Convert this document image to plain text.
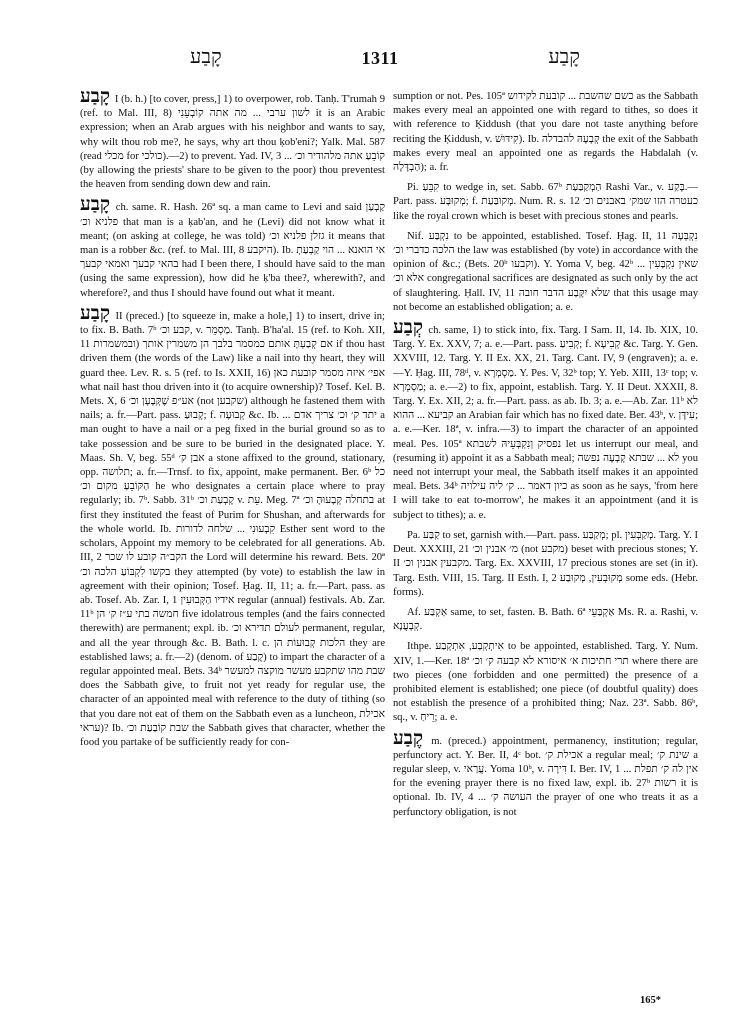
קָבַע	1311	קָבַע

קָבַע I (b. h.) [to cover, press,] 1) to overpower, rob. Tanḥ. T'rumah 9 (ref. to Mal. III, 8) לשון ערבי ... מה אתה קוֹבְעֵנִי it is an Arabic expression; when an Arab argues with his neighbor and wants to say, why wilt thou rob me?, he says, why art thou ḳob'eni?; Yalk. Mal. 587 (read מכלי for כולכי).—2) to prevent. Yad. IV, 3 ... קוֹבֵעַ אתה מלהודיר וכ׳ (by allowing the priests' share to be given to the poor) thou preventest the heaven from sending down dew and rain.

קָבַע ch. same. R. Hash. 26ª sq. a man came to Levi and said קַבְעַן פלניא וכ׳ that man is a ḳab'an, and he (Levi) did not know what it meant; (on asking at college, he was told) גזלן פלניא וכ׳ it means that man is a robber &c. (ref. to Mal. III, 8 היקבע). Ib. אי הואנא ... הוי קַבְעַתְ בהאי קבעך ואמאי קבעך had I been there, I should have said to the man (using the same expression), how did he ḳ'ba thee?, wherewith?, and wherefore?, and thus I should have found out what it meant.

קָבַע II (preced.) [to squeeze in, make a hole,] 1) to insert, drive in; to fix. B. Bath. 7ᵇ קבע וכ׳, v. מַסְמֵר. Tanḥ. B'ha'al. 15 (ref. to Koh. XII, 11 ובמשמרות) אם קְבַעְתָּ אותם כמסמר בלבך הן משמרין אותך if thou hast driven them (the words of the Law) like a nail into thy heart, they will guard thee. Lev. R. s. 5 (ref. to Is. XXII, 16) אפי׳ איזה מסמר קובעת כאן what nail hast thou driven into it (to acquire ownership)? Tosef. Kel. B. Mets. X, 6 אע״פ שֶׁקְּבָעָן וכ׳ (not שקבען) although he fastened them with nails; a. fr.—Part. pass. קָבוּעַ; f. קְבוּעָה &c. Ib. ... יתד ק׳ וכ׳ צריך אדם a man ought to have a nail or a peg fixed in the burial ground so as to take possession and be sure to be buried in the designated place. Y. Maas. Sh. V, beg. 55ᵈ אבן ק׳ a stone affixed to the ground, stationary, opp. תלושה; a. fr.—Trnsf. to fix, appoint, make permanent. Ber. 6ᵇ כל הַקּוֹבֵעַ מקום וכ׳ he who designates a certain place where to pray regularly; ib. 7ᵇ. Sabb. 31ᵇ קָבְעַת וכ׳ v. עֵת. Meg. 7ª בתחלה קְבָעוּהָ וכ׳ at first they instituted the feast of Purim for Shushan, and afterwards for the whole world. Ib. קִבְעוּנִי ... שלחה לדורות Esther sent word to the scholars, Appoint my memory to be celebrated for all generations. Ab. III, 2 הקב״ה קובע לו שכר the Lord will determine his reward. Bets. 20ª בקשו לִקְבּוֹעַ הלכה וכ׳ they attempted (by vote) to establish the law in agreement with their opinion; Tosef. Ḥag. II, 11; a. fr.—Part. pass. as ab. Tosef. Ab. Zar. I, 1 אידיו הַקְּבוּעִין regular (annual) festivals. Ab. Zar. 11ᵇ חמשה בתי ע״ז ק׳ הן five idolatrous temples (and the fairs connected therewith) are permanent; expl. ib. לעולם תדירא וכ׳ permanent, regular, and all the year through &c. B. Bath. l. c. הלכות קְבוּעוֹת הן they are established laws; a. fr.—2) (denom. of קֶבַע) to impart the character of a regular appointed meal. Bets. 34ᵇ שבת מהו שתקבע מעשר מוקצה למעשר does the Sabbath give, to fruit not yet ready for regular use, the character of an appointed meal with reference to the duty of tithing (so that you dare not eat of them on the Sabbath even as a luncheon, אכילת עראי)? Ib. שבת קוֹבַעַת וכ׳ the Sabbath gives that character, whether the food you partake of be sufficiently ready for con-

sumption or not. Pes. 105ª כשם שהשבת ... קובעת לקידוש as the Sabbath makes every meal an appointed one with regard to tithes, so does it with reference to Ḳiddush (that you dare not taste anything before reciting the Ḳiddush, v. קִידּוּשׁ). Ib. קְבָעָהּ להבדלה the exit of the Sabbath makes every meal an appointed one as regards the Habdalah (v. הַבְדָּלָה); a. fr.

Pi. קִבֵּעַ to wedge in, set. Sabb. 67ᵇ הַמְקַבַּעַת Rashi Var., v. בָּקַע.—Part. pass. מְקוּבָּע; f. מְקוּבַּעַת. Num. R. s. 12 כעטרה הזו שמק׳ באבנים וכ׳ like the royal crown which is beset with precious stones and pearls.

Nif. נִקְבַּע to be appointed, established. Tosef. Ḥag. II, 11 נִקְבְּעָה הלכה כדברי וכ׳ the law was established (by vote) in accordance with the opinion of &c.; (Bets. 20ᵇ וקבעו). Y. Yoma V, beg. 42ᵇ ... שאין נִקְבָּעִין אלא וכ׳ congregational sacrifices are designated as such only by the act of slaughtering. Ḥall. IV, 11 שלא יִקָּבַע הדבר חובה that this usage may not become an established obligation; a. e.

קְבַע ch. same, 1) to stick into, fix. Targ. I Sam. II, 14. Ib. XIX, 10. Targ. Y. Ex. XXV, 7; a. e.—Part. pass. קְבִיעַ; f. קְבִיעָא &c. Targ. Y. Gen. XXVIII, 12. Targ. Y. II Ex. XX, 21. Targ. Cant. IV, 9 (engraven); a. e.—Y. Ḥag. III, 78ᵈ, v. מַסְמְרָא. Y. Pes. V, 32ᵇ top; Y. Yeb. XIII, 13ᶜ top; v. מַסְמְרָא; a. e.—2) to fix, appoint, establish. Targ. Y. II Deut. XXXII, 8. Targ. Y. Ex. XII, 2; a. fr.—Part. pass. as ab. Ib. 3; a. e.—Ab. Zar. 11ᵇ לא קביעא ... ההוא an Arabian fair which has no fixed date. Ber. 43ᵇ, v. עִידָּן; a. e.—Ker. 18ª, v. infra.—3) to impart the character of an appointed meal. Pes. 105ª נפסיק וְנִקְבְּעֵיהּ לשבתא let us interrupt our meal, and (resuming it) appoint it as a Sabbath meal; לא ... שבתא קָבְעָה נפשה you need not interrupt your meal, the Sabbath itself makes it an appointed meal. Bets. 34ᵇ כיון דאמר ... ק׳ ליה עילויה as soon as he says, 'from here I will take to eat to-morrow', he makes it an appointment (and it is subject to tithes); a. e.

Pa. קַבַּע to set, garnish with.—Part. pass. מְקַבַּע; pl. מְקַבְּעִין. Targ. Y. I Deut. XXXIII, 21 מ׳ אבנין וכ׳ (not מקבע) beset with precious stones; Y. II מקבעין אבנין וכ׳. Targ. Ex. XXVIII, 17 precious stones are set (in it). Targ. Esth. VIII, 15. Targ. II Esth. I, 2 מְקוּבְעִין, מְקוּבַע some eds. (Hebr. forms).

Af. אַקְבַּע same, to set, fasten. B. Bath. 6ª אַקְבַּעֵי Ms. R. a. Rashi, v. קְבָעֲנָא.

Ithpe. אִיתְקְבַע, אִתְקְבַע to be appointed, established. Targ. Y. Num. XIV, 1.—Ker. 18ª תרי חתיכות א׳ איסורא לא קבעה ק׳ וכ׳ where there are two pieces (one forbidden and one permitted) the presence of a prohibited element is established; one piece (of doubtful quality) does not establish the presence of a prohibited thing; Naz. 23ª. Sabb. 86ᵇ, sq., v. רֵיחַ; a. e.

קֶבַע m. (preced.) appointment, permanency, institution; regular, perfunctory act. Y. Ber. II, 4ᶜ bot. אכילת ק׳ a regular meal; שינת ק׳ a regular sleep, v. עֲרַאי. Yoma 10ᵇ, v. דִּירָה I. Ber. IV, 1 ... אין לה ק׳ תפלת for the evening prayer there is no fixed law, expl. ib. 27ᵇ רשות it is optional. Ib. IV, 4 ... העושה ק׳ the prayer of one who treats it as a perfunctory obligation, is not

165*
